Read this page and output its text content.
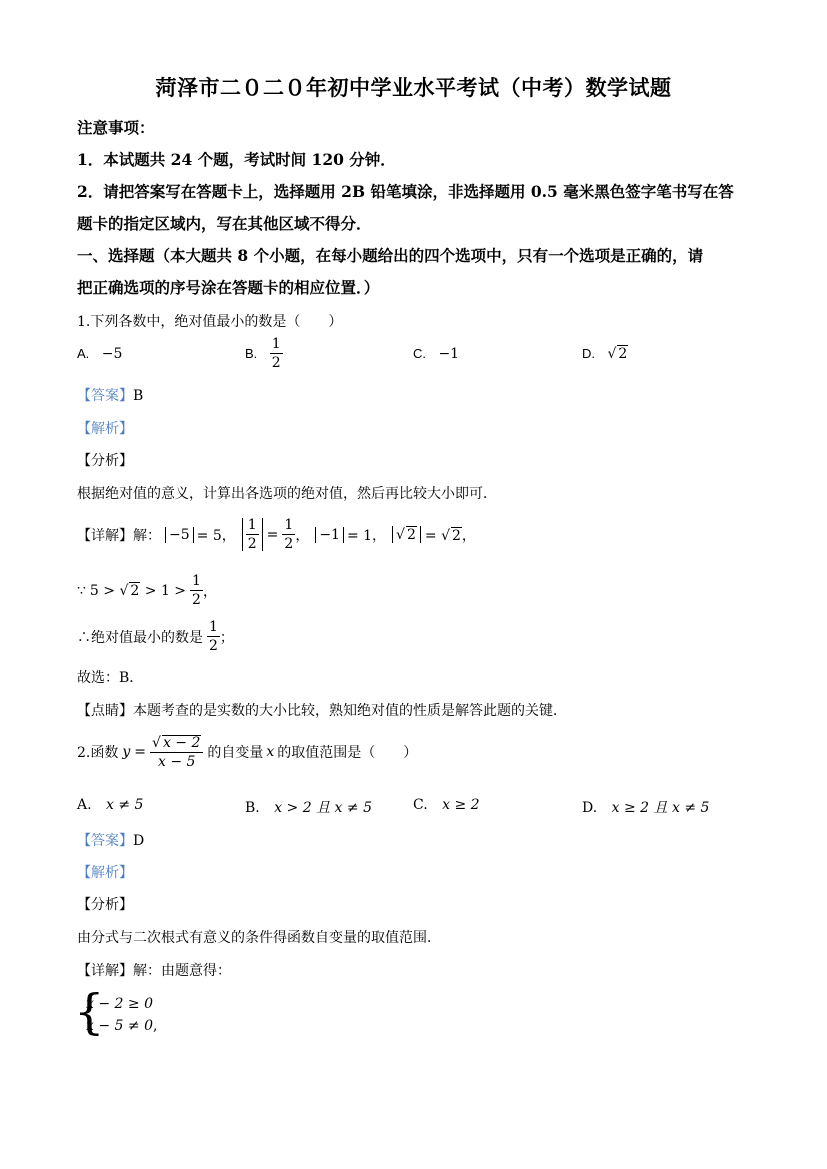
菏泽市二０二０年初中学业水平考试（中考）数学试题
注意事项：
1．本试题共 24 个题，考试时间 120 分钟．
2．请把答案写在答题卡上，选择题用 2B 铅笔填涂，非选择题用 0.5 毫米黑色签字笔书写在答
题卡的指定区域内，写在其他区域不得分．
一、选择题（本大题共 8 个小题，在每小题给出的四个选项中，只有一个选项是正确的，请
把正确选项的序号涂在答题卡的相应位置．）
1.下列各数中，绝对值最小的数是（　　）
A. −5	B. $\frac{1}{2}$	C. −1	D. √ 2
【答案】B
【解析】
【分析】
根据绝对值的意义，计算出各选项的绝对值，然后再比较大小即可．
【详解】解： −5 = 5， $\frac{1}{2} = \frac{1}{2}$ ， −1 = 1， √ 2 = √ 2，
∵ 5 > √ $2 > 1 > \frac{1}{2}$ ，
∴绝对值最小的数是 $\frac{1}{2}$ ；
故选：B．
【点睛】本题考查的是实数的大小比较，熟知绝对值的性质是解答此题的关键．
2.函数 $y = \frac{√ x - 2}{x - 5}$ 的自变量 x 的取值范围是（　　）
A. x ≠ 5	B. x > 2 且 x ≠ 5	C. x ≥ 2	D. x ≥ 2 且 x ≠ 5
【答案】D
【解析】
【分析】
由分式与二次根式有意义的条件得函数自变量的取值范围．
【详解】解：由题意得：
{
x − 2 ≥ 0
x − 5 ≠ 0,
